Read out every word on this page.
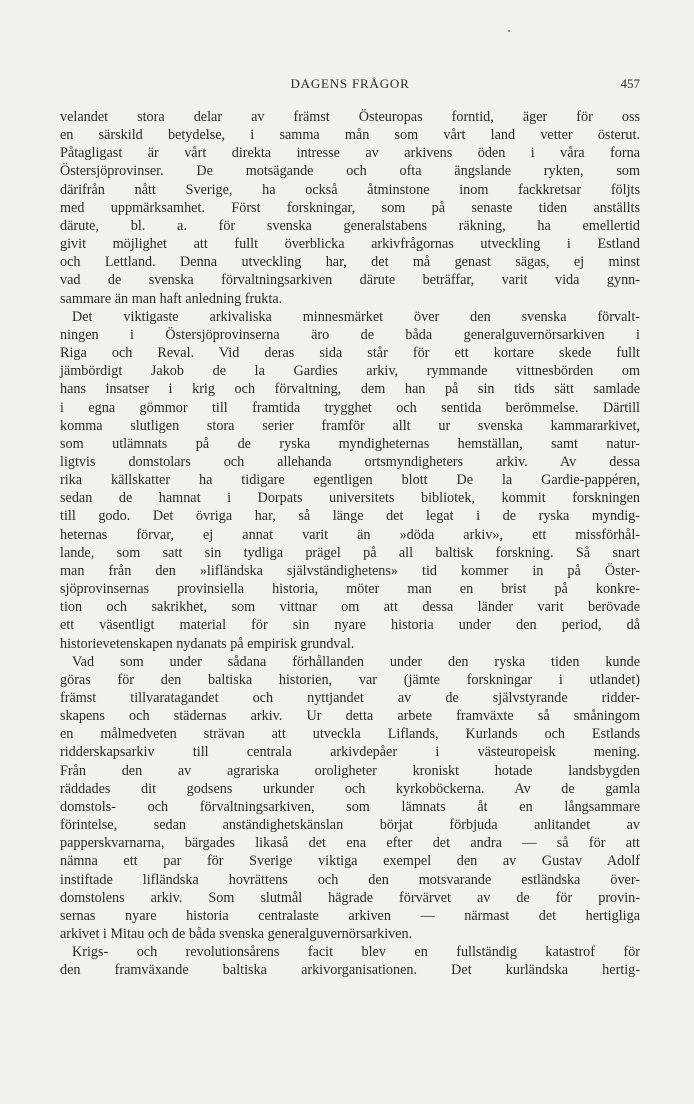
DAGENS FRÅGOR	457
velandet stora delar av främst Östeuropas forntid, äger för oss
en särskild betydelse, i samma mån som vårt land vetter österut.
Påtagligast är vårt direkta intresse av arkivens öden i våra forna
Östersjöprovinser. De motsägande och ofta ängslande rykten, som
därifrån nått Sverige, ha också åtminstone inom fackkretsar följts
med uppmärksamhet. Först forskningar, som på senaste tiden anställts
därute, bl. a. för svenska generalstabens räkning, ha emellertid
givit möjlighet att fullt överblicka arkivfrågornas utveckling i Estland
och Lettland. Denna utveckling har, det må genast sägas, ej minst
vad de svenska förvaltningsarkiven därute beträffar, varit vida gynn-
sammare än man haft anledning frukta.
Det viktigaste arkivaliska minnesmärket över den svenska förvalt-
ningen i Östersjöprovinserna äro de båda generalguvernörsarkiven i
Riga och Reval. Vid deras sida står för ett kortare skede fullt
jämbördigt Jakob de la Gardies arkiv, rymmande vittnesbörden om
hans insatser i krig och förvaltning, dem han på sin tids sätt samlade
i egna gömmor till framtida trygghet och sentida berömmelse. Därtill
komma slutligen stora serier framför allt ur svenska kammararkivet,
som utlämnats på de ryska myndigheternas hemställan, samt natur-
ligtvis domstolars och allehanda ortsmyndigheters arkiv. Av dessa
rika källskatter ha tidigare egentligen blott De la Gardie-pappéren,
sedan de hamnat i Dorpats universitets bibliotek, kommit forskningen
till godo. Det övriga har, så länge det legat i de ryska myndig-
heternas förvar, ej annat varit än »döda arkiv», ett missförhål-
lande, som satt sin tydliga prägel på all baltisk forskning. Så snart
man från den »lifländska självständighetens» tid kommer in på Öster-
sjöprovinsernas provinsiella historia, möter man en brist på konkre-
tion och sakrikhet, som vittnar om att dessa länder varit berövade
ett väsentligt material för sin nyare historia under den period, då
historievetenskapen nydanats på empirisk grundval.
Vad som under sådana förhållanden under den ryska tiden kunde
göras för den baltiska historien, var (jämte forskningar i utlandet)
främst tillvaratagandet och nyttjandet av de självstyrande ridder-
skapens och städernas arkiv. Ur detta arbete framväxte så småningom
en målmedveten strävan att utveckla Liflands, Kurlands och Estlands
ridderskapsarkiv till centrala arkivdepåer i västeuropeisk mening.
Från den av agrariska oroligheter kroniskt hotade landsbygden
räddades dit godsens urkunder och kyrkoböckerna. Av de gamla
domstols- och förvaltningsarkiven, som lämnats åt en långsammare
förintelse, sedan anständighetskänslan börjat förbjuda anlitandet av
papperskvarnarna, bärgades likaså det ena efter det andra — så för att
nämna ett par för Sverige viktiga exempel den av Gustav Adolf
instiftade lifländska hovrättens och den motsvarande estländska över-
domstolens arkiv. Som slutmål hägrade förvärvet av de för provin-
sernas nyare historia centralaste arkiven — närmast det hertigliga
arkivet i Mitau och de båda svenska generalguvernörsarkiven.
Krigs- och revolutionsårens facit blev en fullständig katastrof för
den framväxande baltiska arkivorganisationen. Det kurländska hertig-
